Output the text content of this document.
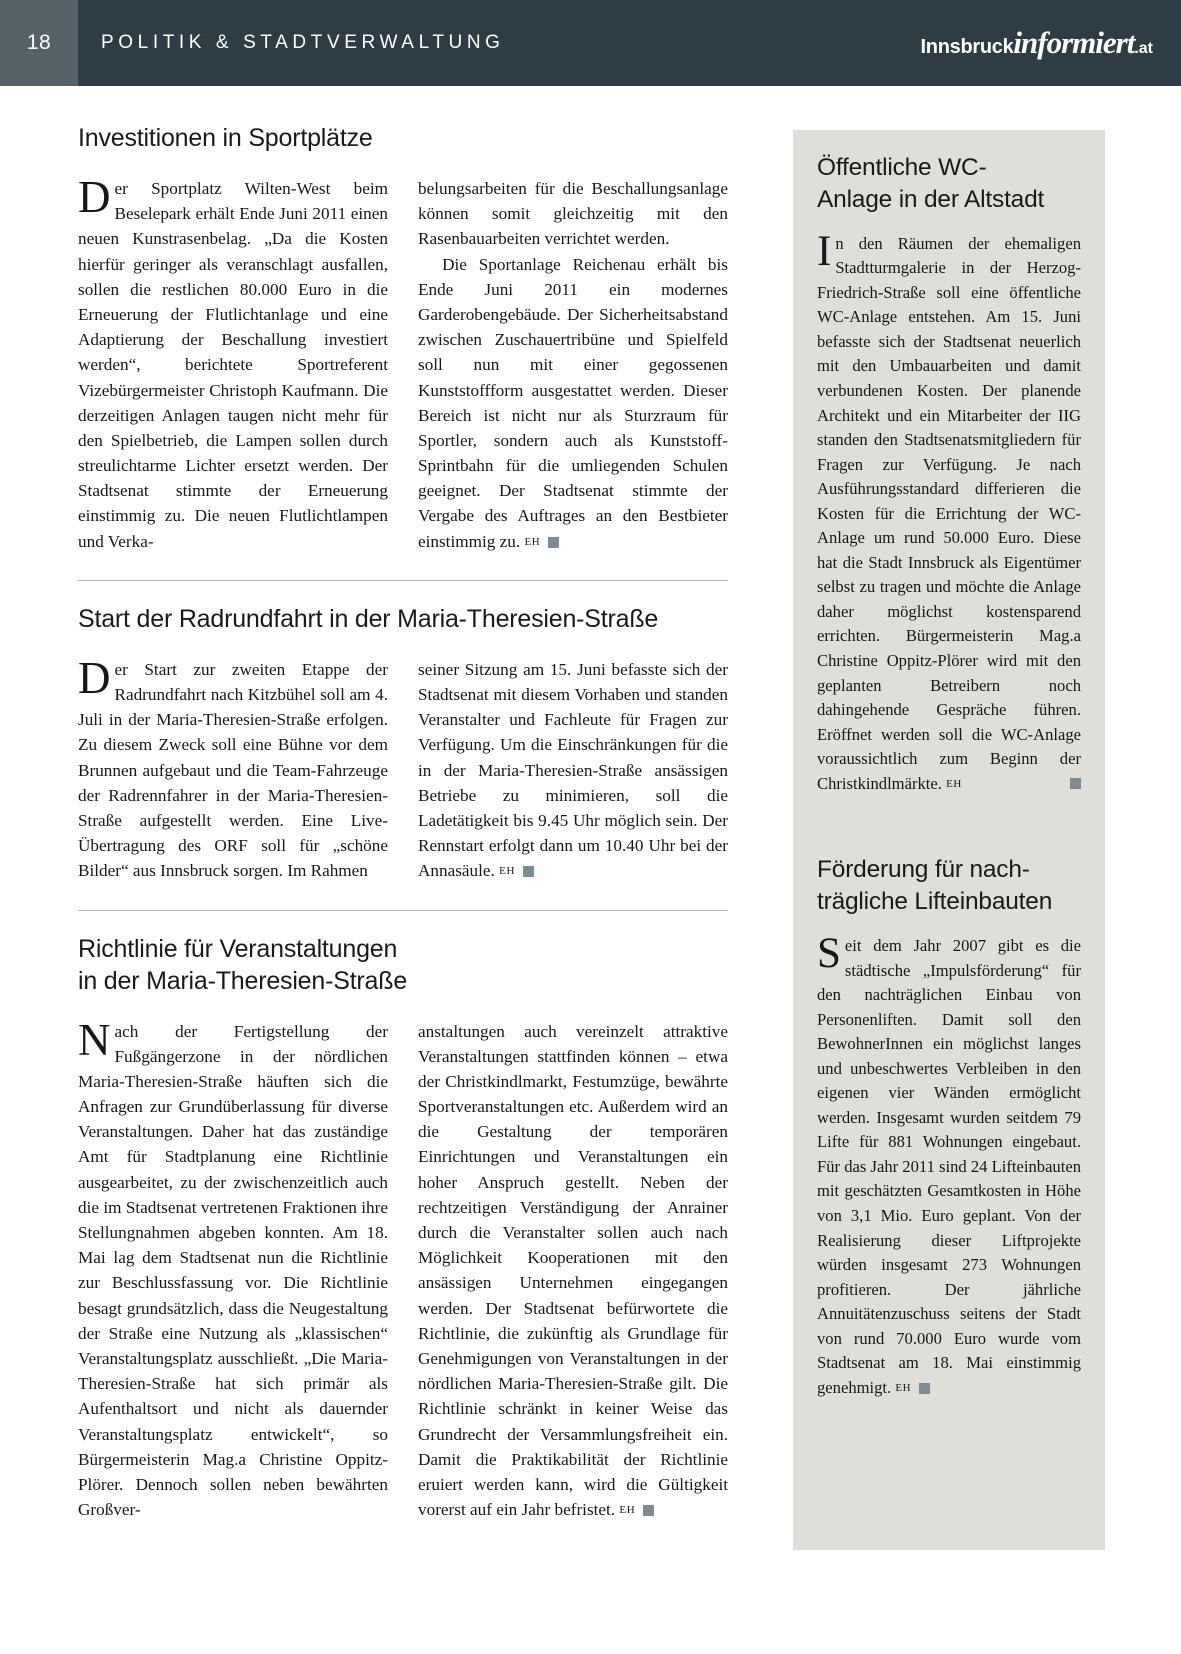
18	POLITIK & STADTVERWALTUNG	Innsbruckinformiert.at
Investitionen in Sportplätze

Der Sportplatz Wilten-West beim Beselepark erhält Ende Juni 2011 einen neuen Kunstrasenbelag. „Da die Kosten hierfür geringer als veranschlagt ausfallen, sollen die restlichen 80.000 Euro in die Erneuerung der Flutlichtanlage und eine Adaptierung der Beschallung investiert werden“, berichtete Sportreferent Vizebürgermeister Christoph Kaufmann. Die derzeitigen Anlagen taugen nicht mehr für den Spielbetrieb, die Lampen sollen durch streulichtarme Lichter ersetzt werden. Der Stadtsenat stimmte der Erneuerung einstimmig zu. Die neuen Flutlichtlampen und Verka-

belungsarbeiten für die Beschallungsanlage können somit gleichzeitig mit den Rasenbauarbeiten verrichtet werden.

Die Sportanlage Reichenau erhält bis Ende Juni 2011 ein modernes Garderobengebäude. Der Sicherheitsabstand zwischen Zuschauertribüne und Spielfeld soll nun mit einer gegossenen Kunststoffform ausgestattet werden. Dieser Bereich ist nicht nur als Sturzraum für Sportler, sondern auch als Kunststoff-Sprintbahn für die umliegenden Schulen geeignet. Der Stadtsenat stimmte der Vergabe des Auftrages an den Bestbieter einstimmig zu. EH

Start der Radrundfahrt in der Maria-Theresien-Straße

Der Start zur zweiten Etappe der Radrundfahrt nach Kitzbühel soll am 4. Juli in der Maria-Theresien-Straße erfolgen. Zu diesem Zweck soll eine Bühne vor dem Brunnen aufgebaut und die Team-Fahrzeuge der Radrennfahrer in der Maria-Theresien-Straße aufgestellt werden. Eine Live-Übertragung des ORF soll für „schöne Bilder“ aus Innsbruck sorgen. Im Rahmen

seiner Sitzung am 15. Juni befasste sich der Stadtsenat mit diesem Vorhaben und standen Veranstalter und Fachleute für Fragen zur Verfügung. Um die Einschränkungen für die in der Maria-Theresien-Straße ansässigen Betriebe zu minimieren, soll die Ladetätigkeit bis 9.45 Uhr möglich sein. Der Rennstart erfolgt dann um 10.40 Uhr bei der Annasäule. EH

Richtlinie für Veranstaltungen
in der Maria-Theresien-Straße

Nach der Fertigstellung der Fußgängerzone in der nördlichen Maria-Theresien-Straße häuften sich die Anfragen zur Grundüberlassung für diverse Veranstaltungen. Daher hat das zuständige Amt für Stadtplanung eine Richtlinie ausgearbeitet, zu der zwischenzeitlich auch die im Stadtsenat vertretenen Fraktionen ihre Stellungnahmen abgeben konnten. Am 18. Mai lag dem Stadtsenat nun die Richtlinie zur Beschlussfassung vor. Die Richtlinie besagt grundsätzlich, dass die Neugestaltung der Straße eine Nutzung als „klassischen“ Veranstaltungsplatz ausschließt. „Die Maria-Theresien-Straße hat sich primär als Aufenthaltsort und nicht als dauernder Veranstaltungsplatz entwickelt“, so Bürgermeisterin Mag.a Christine Oppitz-Plörer. Dennoch sollen neben bewährten Großver-

anstaltungen auch vereinzelt attraktive Veranstaltungen stattfinden können – etwa der Christkindlmarkt, Festumzüge, bewährte Sportveranstaltungen etc. Außerdem wird an die Gestaltung der temporären Einrichtungen und Veranstaltungen ein hoher Anspruch gestellt. Neben der rechtzeitigen Verständigung der Anrainer durch die Veranstalter sollen auch nach Möglichkeit Kooperationen mit den ansässigen Unternehmen eingegangen werden. Der Stadtsenat befürwortete die Richtlinie, die zukünftig als Grundlage für Genehmigungen von Veranstaltungen in der nördlichen Maria-Theresien-Straße gilt. Die Richtlinie schränkt in keiner Weise das Grundrecht der Versammlungsfreiheit ein. Damit die Praktikabilität der Richtlinie eruiert werden kann, wird die Gültigkeit vorerst auf ein Jahr befristet. EH

Öffentliche WC-
Anlage in der Altstadt

In den Räumen der ehemaligen Stadtturmgalerie in der Herzog-Friedrich-Straße soll eine öffentliche WC-Anlage entstehen. Am 15. Juni befasste sich der Stadtsenat neuerlich mit den Umbauarbeiten und damit verbundenen Kosten. Der planende Architekt und ein Mitarbeiter der IIG standen den Stadtsenatsmitgliedern für Fragen zur Verfügung. Je nach Ausführungsstandard differieren die Kosten für die Errichtung der WC-Anlage um rund 50.000 Euro. Diese hat die Stadt Innsbruck als Eigentümer selbst zu tragen und möchte die Anlage daher möglichst kostensparend errichten. Bürgermeisterin Mag.a Christine Oppitz-Plörer wird mit den geplanten Betreibern noch dahingehende Gespräche führen. Eröffnet werden soll die WC-Anlage voraussichtlich zum Beginn der Christkindlmärkte. EH

Förderung für nach-
trägliche Lifteinbauten

Seit dem Jahr 2007 gibt es die städtische „Impulsförderung“ für den nachträglichen Einbau von Personenliften. Damit soll den BewohnerInnen ein möglichst langes und unbeschwertes Verbleiben in den eigenen vier Wänden ermöglicht werden. Insgesamt wurden seitdem 79 Lifte für 881 Wohnungen eingebaut. Für das Jahr 2011 sind 24 Lifteinbauten mit geschätzten Gesamtkosten in Höhe von 3,1 Mio. Euro geplant. Von der Realisierung dieser Liftprojekte würden insgesamt 273 Wohnungen profitieren. Der jährliche Annuitätenzuschuss seitens der Stadt von rund 70.000 Euro wurde vom Stadtsenat am 18. Mai einstimmig genehmigt. EH
